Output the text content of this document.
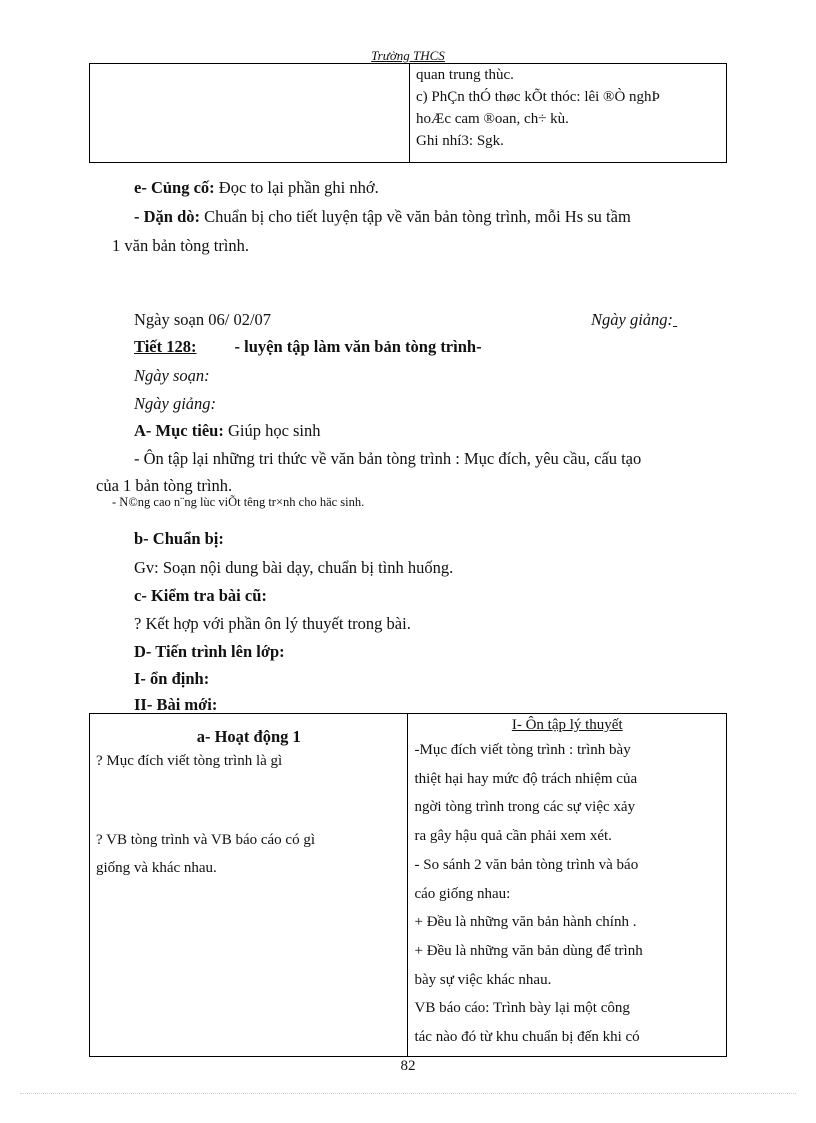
Trường THCS

quan trung thùc.
c) PhÇn thÓ thøc kÕt thóc: lêi ®Ò nghÞ
hoÆc cam ®oan, ch÷ kù.
Ghi nhí3: Sgk.
e- Củng cố: Đọc to lại phần ghi nhớ.
- Dặn dò: Chuẩn bị cho tiết luyện tập về văn bản tòng trình, mỗi Hs su tầm
1 văn bản tòng trình.
Ngày soạn 06/ 02/07	Ngày giảng:
Tiết 128: - luyện tập làm văn bản tòng trình-
Ngày soạn:
Ngày giảng:
A- Mục tiêu: Giúp học sinh
- Ôn tập lại những tri thức về văn bản tòng trình : Mục đích, yêu cầu, cấu tạo
của 1 bản tòng trình.
- N©ng cao n¨ng lùc viÕt têng tr×nh cho häc sinh.
b- Chuẩn bị:
Gv: Soạn nội dung bài dạy, chuẩn bị tình huống.
c- Kiểm tra bài cũ:
? Kết hợp với phần ôn lý thuyết trong bài.
D- Tiến trình lên lớp:
I- ổn định:
II- Bài mới:
a- Hoạt động 1
? Mục đích viết tòng trình là gì
? VB tòng trình và VB báo cáo có gì
giống và khác nhau.

I- Ôn tập lý thuyết
-Mục đích viết tòng trình : trình bày
thiệt hại hay mức độ trách nhiệm của
ngời tòng trình trong các sự việc xảy
ra gây hậu quả cần phải xem xét.
- So sánh 2 văn bản tòng trình và báo
cáo giống nhau:
+ Đều là những văn bản hành chính .
+ Đều là những văn bản dùng để trình
bày sự việc khác nhau.
VB báo cáo: Trình bày lại một công
tác nào đó từ khu chuẩn bị đến khi có
82
